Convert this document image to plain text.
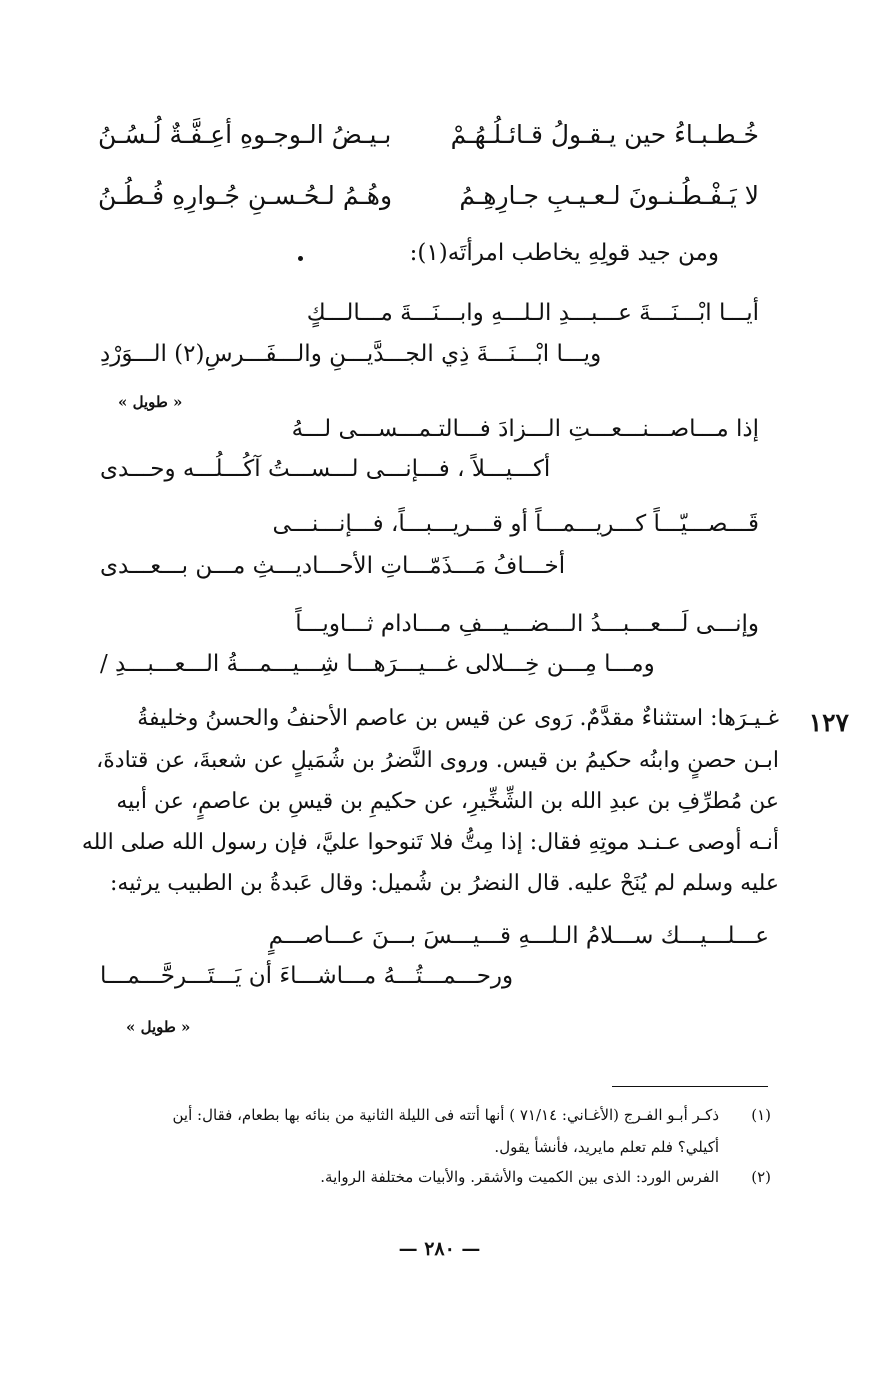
خُـطـبـاءُ حين يـقـولُ قـائـلُـهُـمْ
بـيـضُ الـوجـوهِ أعِـفَّـةٌ لُـسُـنُ
لا يَـفْـطُـنـونَ لـعـيـبِ جـارِهِـمُ
وهُـمُ لـحُـسـنِ جُـوارِهِ فُـطُـنُ
ومن جيد قولِهِ يخاطب امرأتَه(١):
أيـــا ابْـــنَـــةَ عـــبـــدِ الـلـــهِ وابـــنَـــةَ مـــالـــكٍ
ويـــا ابْـــنَـــةَ ذِي الجـــدَّيـــنِ والـــفَـــرسِ(٢) الـــوَرْدِ
« طويل »
إذا مـــاصـــنـــعـــتِ الـــزادَ فـــالتـمـــســـى لـــهُ
أكـــيـــلاً ، فـــإنـــى لـــســـتُ آكُـــلُـــه وحـــدى
قَـــصـــيّـــاً كـــريـــمـــاً أو قـــريـــبـــاً، فـــإنـــنـــى
أخـــافُ مَـــذَمّـــاتِ الأحـــاديـــثِ مـــن بـــعـــدى
وإنـــى لَـــعـــبـــدُ الـــضـــيـــفِ مـــادام ثـــاويـــاً
ومـــا مِـــن خِـــلالى غـــيـــرَهـــا شِـــيـــمـــةُ الـــعـــبـــدِ /
١٢٧
غـيـرَها: استثناءٌ مقدَّمٌ. رَوى عن قيس بن عاصم الأحنفُ والحسنُ وخليفةُ
ابـن حصنٍ وابنُه حكيمُ بن قيس. وروى النَّضرُ بن شُمَيلٍ عن شعبةَ، عن قتادةَ،
عن مُطرِّفِ بن عبدِ الله بن الشِّخِّيرِ، عن حكيمِ بن قيسِ بن عاصمٍ، عن أبيه
أنـه أوصى عـنـد موتِهِ فقال: إذا مِتُّ فلا تَنوحوا عليَّ، فإن رسول الله صلى الله
عليه وسلم لم يُنَحْ عليه. قال النضرُ بن شُميل: وقال عَبدةُ بن الطبيب يرثيه:
عـــلـــيـــك ســـلامُ الـلـــهِ قـــيـــسَ بـــنَ عـــاصـــمٍ
ورحـــمـــتُـــهُ مـــاشـــاءَ أن يَـــتَـــرحَّـــمـــا
« طويل »
(١)
ذكـر أبـو الفـرج (الأغـاني: ٧١/١٤ ) أنها أتته فى الليلة الثانية من بنائه بها بطعام، فقال: أين
أكيلي؟ فلم تعلم مايريد، فأنشأ يقول.
(٢)
الفرس الورد: الذى بين الكميت والأشقر. والأبيات مختلفة الرواية.
— ٢٨٠ —
